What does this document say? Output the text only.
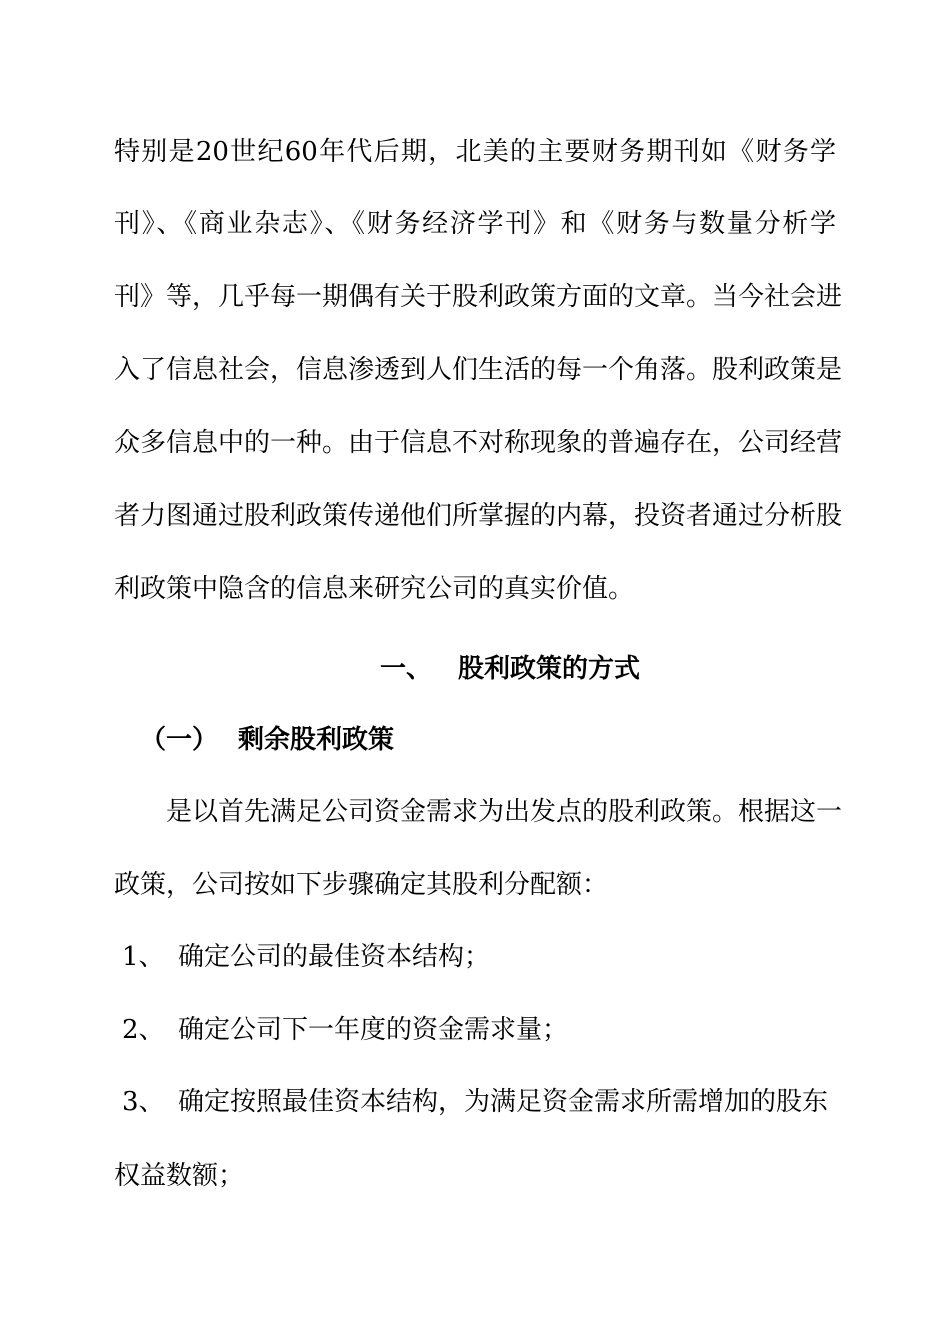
特别是20世纪60年代后期，北美的主要财务期刊如《财务学
刊》、《商业杂志》、《财务经济学刊》和《财务与数量分析学
刊》等，几乎每一期偶有关于股利政策方面的文章。当今社会进
入了信息社会，信息渗透到人们生活的每一个角落。股利政策是
众多信息中的一种。由于信息不对称现象的普遍存在，公司经营
者力图通过股利政策传递他们所掌握的内幕，投资者通过分析股
利政策中隐含的信息来研究公司的真实价值。
一、 股利政策的方式
（一） 剩余股利政策
是以首先满足公司资金需求为出发点的股利政策。根据这一
政策，公司按如下步骤确定其股利分配额：
1、 确定公司的最佳资本结构；
2、 确定公司下一年度的资金需求量；
3、 确定按照最佳资本结构，为满足资金需求所需增加的股东
权益数额；
